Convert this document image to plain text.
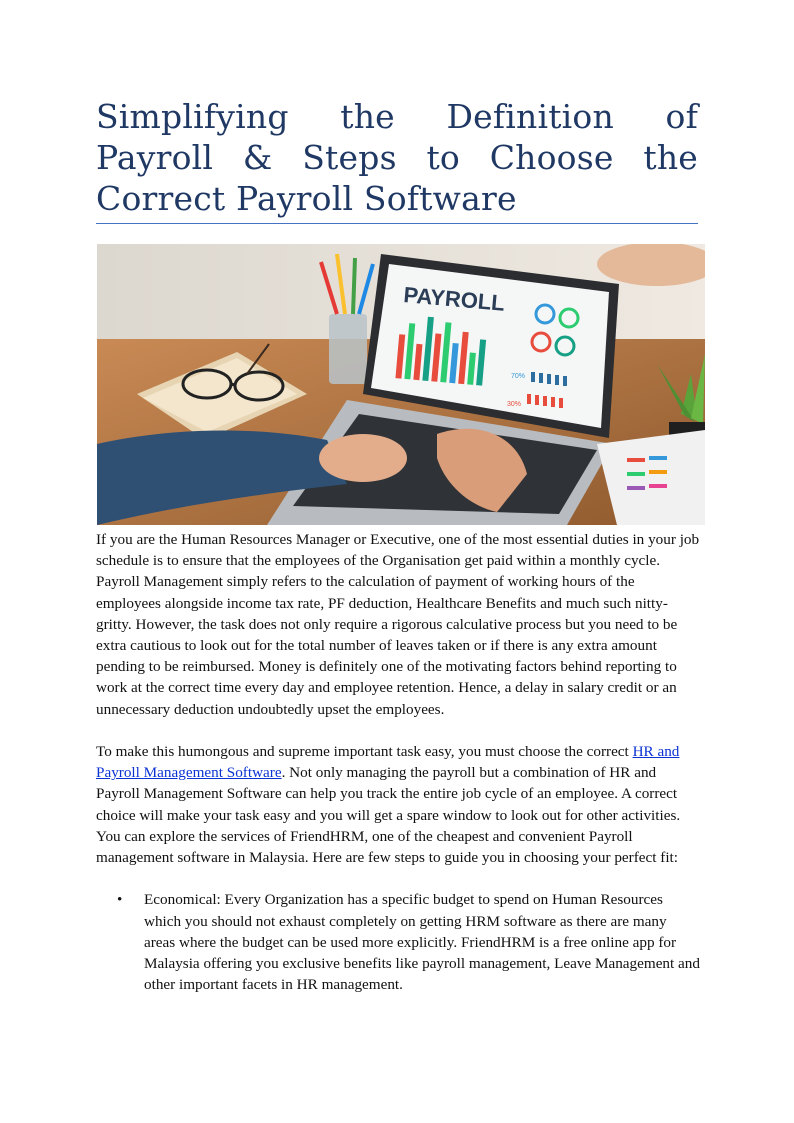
Simplifying the Definition of Payroll & Steps to Choose the Correct Payroll Software
PAYROLL
70%
30%

If you are the Human Resources Manager or Executive, one of the most essential duties in your job schedule is to ensure that the employees of the Organisation get paid within a monthly cycle. Payroll Management simply refers to the calculation of payment of working hours of the employees alongside income tax rate, PF deduction, Healthcare Benefits and much such nitty-gritty. However, the task does not only require a rigorous calculative process but you need to be extra cautious to look out for the total number of leaves taken or if there is any extra amount pending to be reimbursed. Money is definitely one of the motivating factors behind reporting to work at the correct time every day and employee retention. Hence, a delay in salary credit or an unnecessary deduction undoubtedly upset the employees.

To make this humongous and supreme important task easy, you must choose the correct HR and Payroll Management Software. Not only managing the payroll but a combination of HR and Payroll Management Software can help you track the entire job cycle of an employee. A correct choice will make your task easy and you will get a spare window to look out for other activities. You can explore the services of FriendHRM, one of the cheapest and convenient Payroll management software in Malaysia. Here are few steps to guide you in choosing your perfect fit:

• Economical: Every Organization has a specific budget to spend on Human Resources which you should not exhaust completely on getting HRM software as there are many areas where the budget can be used more explicitly. FriendHRM is a free online app for Malaysia offering you exclusive benefits like payroll management, Leave Management and other important facets in HR management.
